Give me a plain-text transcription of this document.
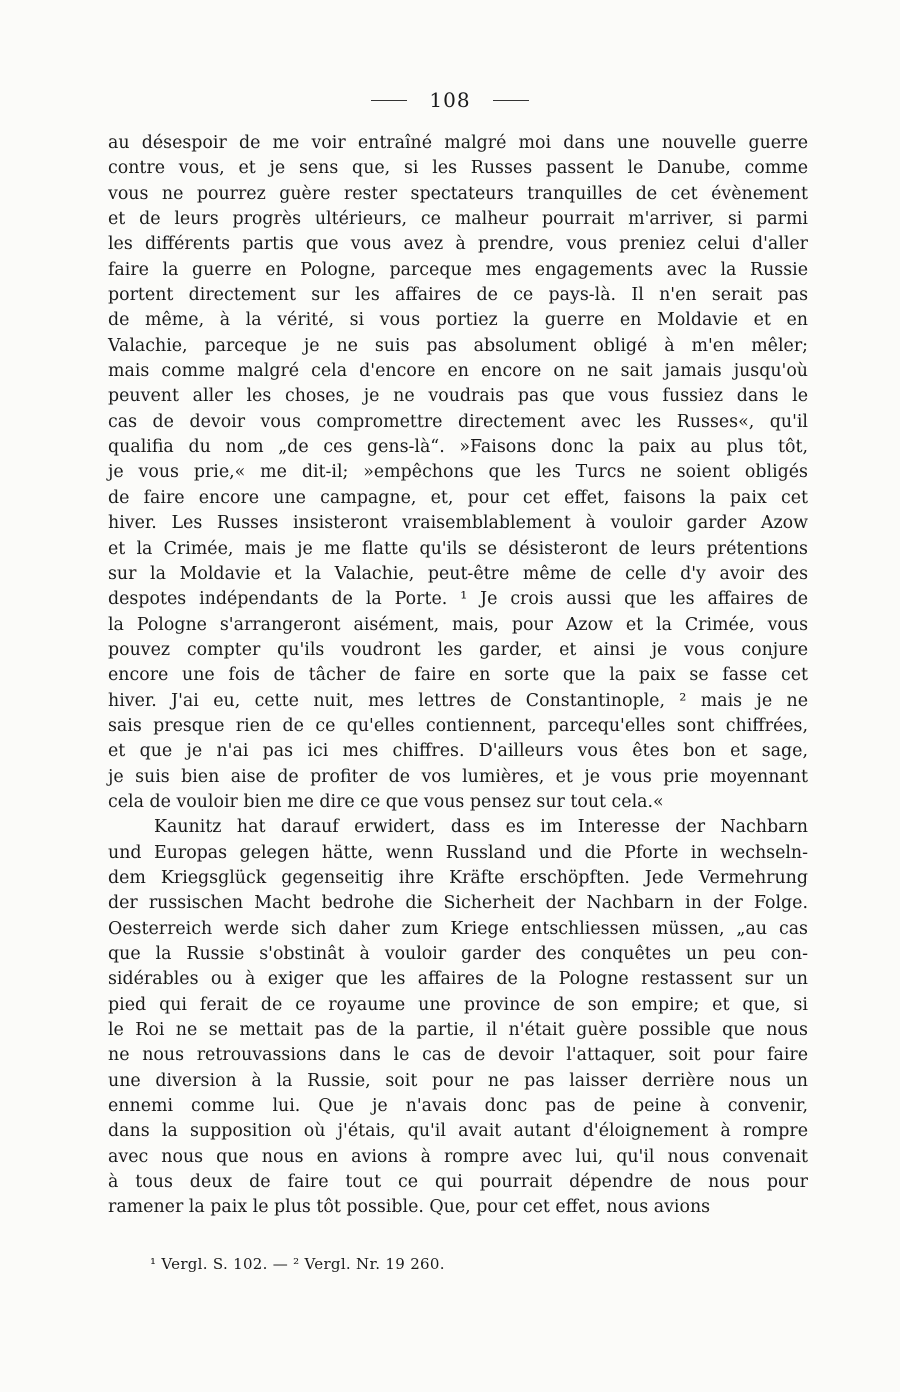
108
au désespoir de me voir entraîné malgré moi dans une nouvelle guerre
contre vous, et je sens que, si les Russes passent le Danube, comme
vous ne pourrez guère rester spectateurs tranquilles de cet évènement
et de leurs progrès ultérieurs, ce malheur pourrait m'arriver, si parmi
les différents partis que vous avez à prendre, vous preniez celui d'aller
faire la guerre en Pologne, parceque mes engagements avec la Russie
portent directement sur les affaires de ce pays-là. Il n'en serait pas
de même, à la vérité, si vous portiez la guerre en Moldavie et en
Valachie, parceque je ne suis pas absolument obligé à m'en mêler;
mais comme malgré cela d'encore en encore on ne sait jamais jusqu'où
peuvent aller les choses, je ne voudrais pas que vous fussiez dans le
cas de devoir vous compromettre directement avec les Russes«, qu'il
qualifia du nom „de ces gens-là“. »Faisons donc la paix au plus tôt,
je vous prie,« me dit-il; »empêchons que les Turcs ne soient obligés
de faire encore une campagne, et, pour cet effet, faisons la paix cet
hiver. Les Russes insisteront vraisemblablement à vouloir garder Azow
et la Crimée, mais je me flatte qu'ils se désisteront de leurs prétentions
sur la Moldavie et la Valachie, peut-être même de celle d'y avoir des
despotes indépendants de la Porte. ¹ Je crois aussi que les affaires de
la Pologne s'arrangeront aisément, mais, pour Azow et la Crimée, vous
pouvez compter qu'ils voudront les garder, et ainsi je vous conjure
encore une fois de tâcher de faire en sorte que la paix se fasse cet
hiver. J'ai eu, cette nuit, mes lettres de Constantinople, ² mais je ne
sais presque rien de ce qu'elles contiennent, parcequ'elles sont chiffrées,
et que je n'ai pas ici mes chiffres. D'ailleurs vous êtes bon et sage,
je suis bien aise de profiter de vos lumières, et je vous prie moyennant
cela de vouloir bien me dire ce que vous pensez sur tout cela.«
Kaunitz hat darauf erwidert, dass es im Interesse der Nachbarn
und Europas gelegen hätte, wenn Russland und die Pforte in wechseln-
dem Kriegsglück gegenseitig ihre Kräfte erschöpften. Jede Vermehrung
der russischen Macht bedrohe die Sicherheit der Nachbarn in der Folge.
Oesterreich werde sich daher zum Kriege entschliessen müssen, „au cas
que la Russie s'obstinât à vouloir garder des conquêtes un peu con-
sidérables ou à exiger que les affaires de la Pologne restassent sur un
pied qui ferait de ce royaume une province de son empire; et que, si
le Roi ne se mettait pas de la partie, il n'était guère possible que nous
ne nous retrouvassions dans le cas de devoir l'attaquer, soit pour faire
une diversion à la Russie, soit pour ne pas laisser derrière nous un
ennemi comme lui. Que je n'avais donc pas de peine à convenir,
dans la supposition où j'étais, qu'il avait autant d'éloignement à rompre
avec nous que nous en avions à rompre avec lui, qu'il nous convenait
à tous deux de faire tout ce qui pourrait dépendre de nous pour
ramener la paix le plus tôt possible. Que, pour cet effet, nous avions
¹ Vergl. S. 102. — ² Vergl. Nr. 19 260.
